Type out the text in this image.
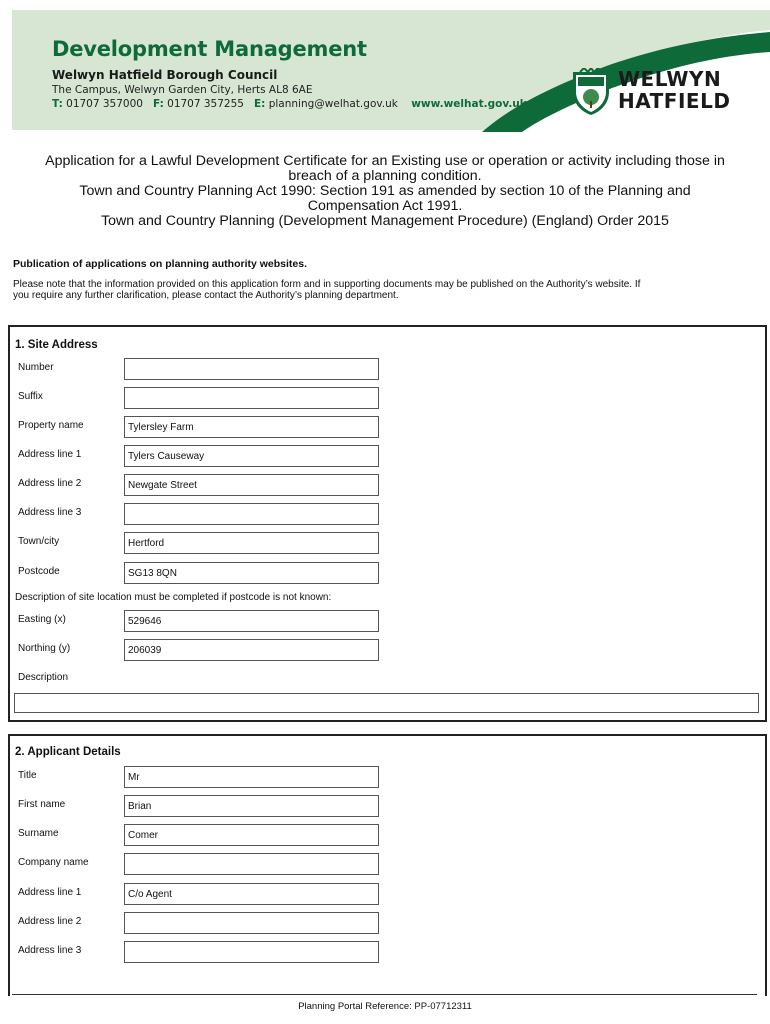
Development Management
Welwyn Hatfield Borough Council
The Campus, Welwyn Garden City, Herts AL8 6AE
T: 01707 357000 F: 01707 357255 E: planning@welhat.gov.uk www.welhat.gov.uk
WELWYN
HATFIELD
Application for a Lawful Development Certificate for an Existing use or operation or activity including those in
breach of a planning condition.
Town and Country Planning Act 1990: Section 191 as amended by section 10 of the Planning and
Compensation Act 1991.
Town and Country Planning (Development Management Procedure) (England) Order 2015
Publication of applications on planning authority websites.
Please note that the information provided on this application form and in supporting documents may be published on the Authority’s website. If
you require any further clarification, please contact the Authority’s planning department.
1. Site Address
Number
Suffix
Property name	Tylersley Farm
Address line 1	Tylers Causeway
Address line 2	Newgate Street
Address line 3
Town/city	Hertford
Postcode	SG13 8QN
Description of site location must be completed if postcode is not known:
Easting (x)	529646
Northing (y)	206039
Description
2. Applicant Details
Title	Mr
First name	Brian
Surname	Comer
Company name
Address line 1	C/o Agent
Address line 2
Address line 3
Planning Portal Reference: PP-07712311
